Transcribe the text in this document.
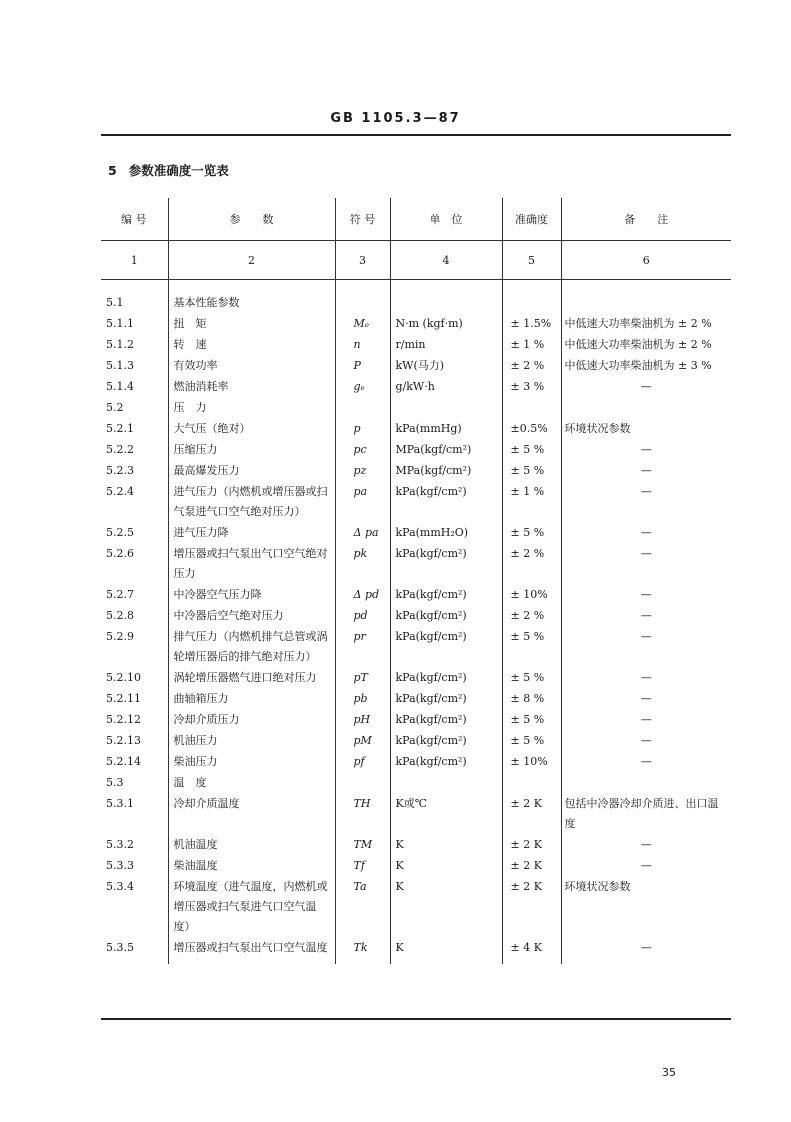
GB 1105.3—87
5 参数准确度一览表
编 号	参　　数	符 号	单　位	准确度	备　　注
1	2	3	4	5	6

5.1	基本性能参数				
5.1.1	扭　矩	Mₑ	N·m (kgf·m)	± 1.5%	中低速大功率柴油机为 ± 2 %
5.1.2	转　速	n	r/min	± 1 %	中低速大功率柴油机为 ± 2 %
5.1.3	有效功率	P	kW(马力)	± 2 %	中低速大功率柴油机为 ± 3 %
5.1.4	燃油消耗率	gₑ	g/kW·h	± 3 %	—
5.2	压　力				
5.2.1	大气压（绝对）	p	kPa(mmHg)	±0.5%	环境状况参数
5.2.2	压缩压力	pc	MPa(kgf/cm²)	± 5 %	—
5.2.3	最高爆发压力	pz	MPa(kgf/cm²)	± 5 %	—
5.2.4	进气压力（内燃机或增压器或扫气泵进气口空气绝对压力）	pa	kPa(kgf/cm²)	± 1 %	—
5.2.5	进气压力降	Δ pa	kPa(mmH₂O)	± 5 %	—
5.2.6	增压器或扫气泵出气口空气绝对压力	pk	kPa(kgf/cm²)	± 2 %	—
5.2.7	中冷器空气压力降	Δ pd	kPa(kgf/cm²)	± 10%	—
5.2.8	中冷器后空气绝对压力	pd	kPa(kgf/cm²)	± 2 %	—
5.2.9	排气压力（内燃机排气总管或涡轮增压器后的排气绝对压力）	pr	kPa(kgf/cm²)	± 5 %	—
5.2.10	涡轮增压器燃气进口绝对压力	pT	kPa(kgf/cm²)	± 5 %	—
5.2.11	曲轴箱压力	pb	kPa(kgf/cm²)	± 8 %	—
5.2.12	冷却介质压力	pH	kPa(kgf/cm²)	± 5 %	—
5.2.13	机油压力	pM	kPa(kgf/cm²)	± 5 %	—
5.2.14	柴油压力	pf	kPa(kgf/cm²)	± 10%	—
5.3	温　度				
5.3.1	冷却介质温度	TH	K或℃	± 2 K	包括中冷器冷却介质进、出口温度
5.3.2	机油温度	TM	K	± 2 K	—
5.3.3	柴油温度	Tf	K	± 2 K	—
5.3.4	环境温度（进气温度，内燃机或增压器或扫气泵进气口空气温度）	Ta	K	± 2 K	环境状况参数
5.3.5	增压器或扫气泵出气口空气温度	Tk	K	± 4 K	—
35
